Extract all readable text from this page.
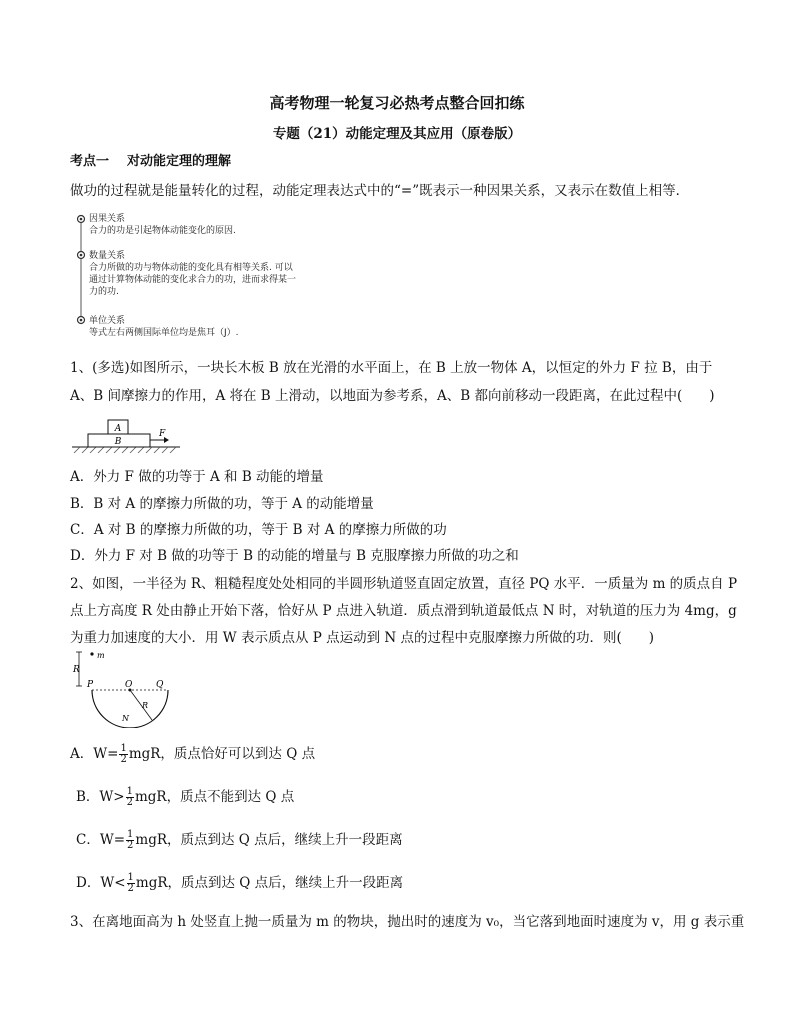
高考物理一轮复习必热考点整合回扣练
专题（21）动能定理及其应用（原卷版）
考点一 对动能定理的理解
做功的过程就是能量转化的过程，动能定理表达式中的“=”既表示一种因果关系，又表示在数值上相等．
因果关系
合力的功是引起物体动能变化的原因.
数量关系
合力所做的功与物体动能的变化具有相等关系. 可以
通过计算物体动能的变化求合力的功，进而求得某一
力的功.
单位关系
等式左右两侧国际单位均是焦耳（J）.
1、(多选)如图所示，一块长木板 B 放在光滑的水平面上，在 B 上放一物体 A，以恒定的外力 F 拉 B，由于
A、B 间摩擦力的作用，A 将在 B 上滑动，以地面为参考系，A、B 都向前移动一段距离，在此过程中(　　)
A
B
F
A．外力 F 做的功等于 A 和 B 动能的增量
B．B 对 A 的摩擦力所做的功，等于 A 的动能增量
C．A 对 B 的摩擦力所做的功，等于 B 对 A 的摩擦力所做的功
D．外力 F 对 B 做的功等于 B 的动能的增量与 B 克服摩擦力所做的功之和
2、如图，一半径为 R、粗糙程度处处相同的半圆形轨道竖直固定放置，直径 PQ 水平．一质量为 m 的质点自 P
点上方高度 R 处由静止开始下落，恰好从 P 点进入轨道．质点滑到轨道最低点 N 时，对轨道的压力为 4mg，g
为重力加速度的大小．用 W 表示质点从 P 点运动到 N 点的过程中克服摩擦力所做的功．则(　　)
R
m
P	O	Q
R
N
A．$W= \frac{1}{2}$ mgR，质点恰好可以到达 Q 点
B．$W> \frac{1}{2}$ mgR，质点不能到达 Q 点
C．$W= \frac{1}{2}$ mgR，质点到达 Q 点后，继续上升一段距离
D．$W< \frac{1}{2}$ mgR，质点到达 Q 点后，继续上升一段距离
3、在离地面高为 h 处竖直上抛一质量为 m 的物块，抛出时的速度为 v₀，当它落到地面时速度为 v，用 g 表示重
